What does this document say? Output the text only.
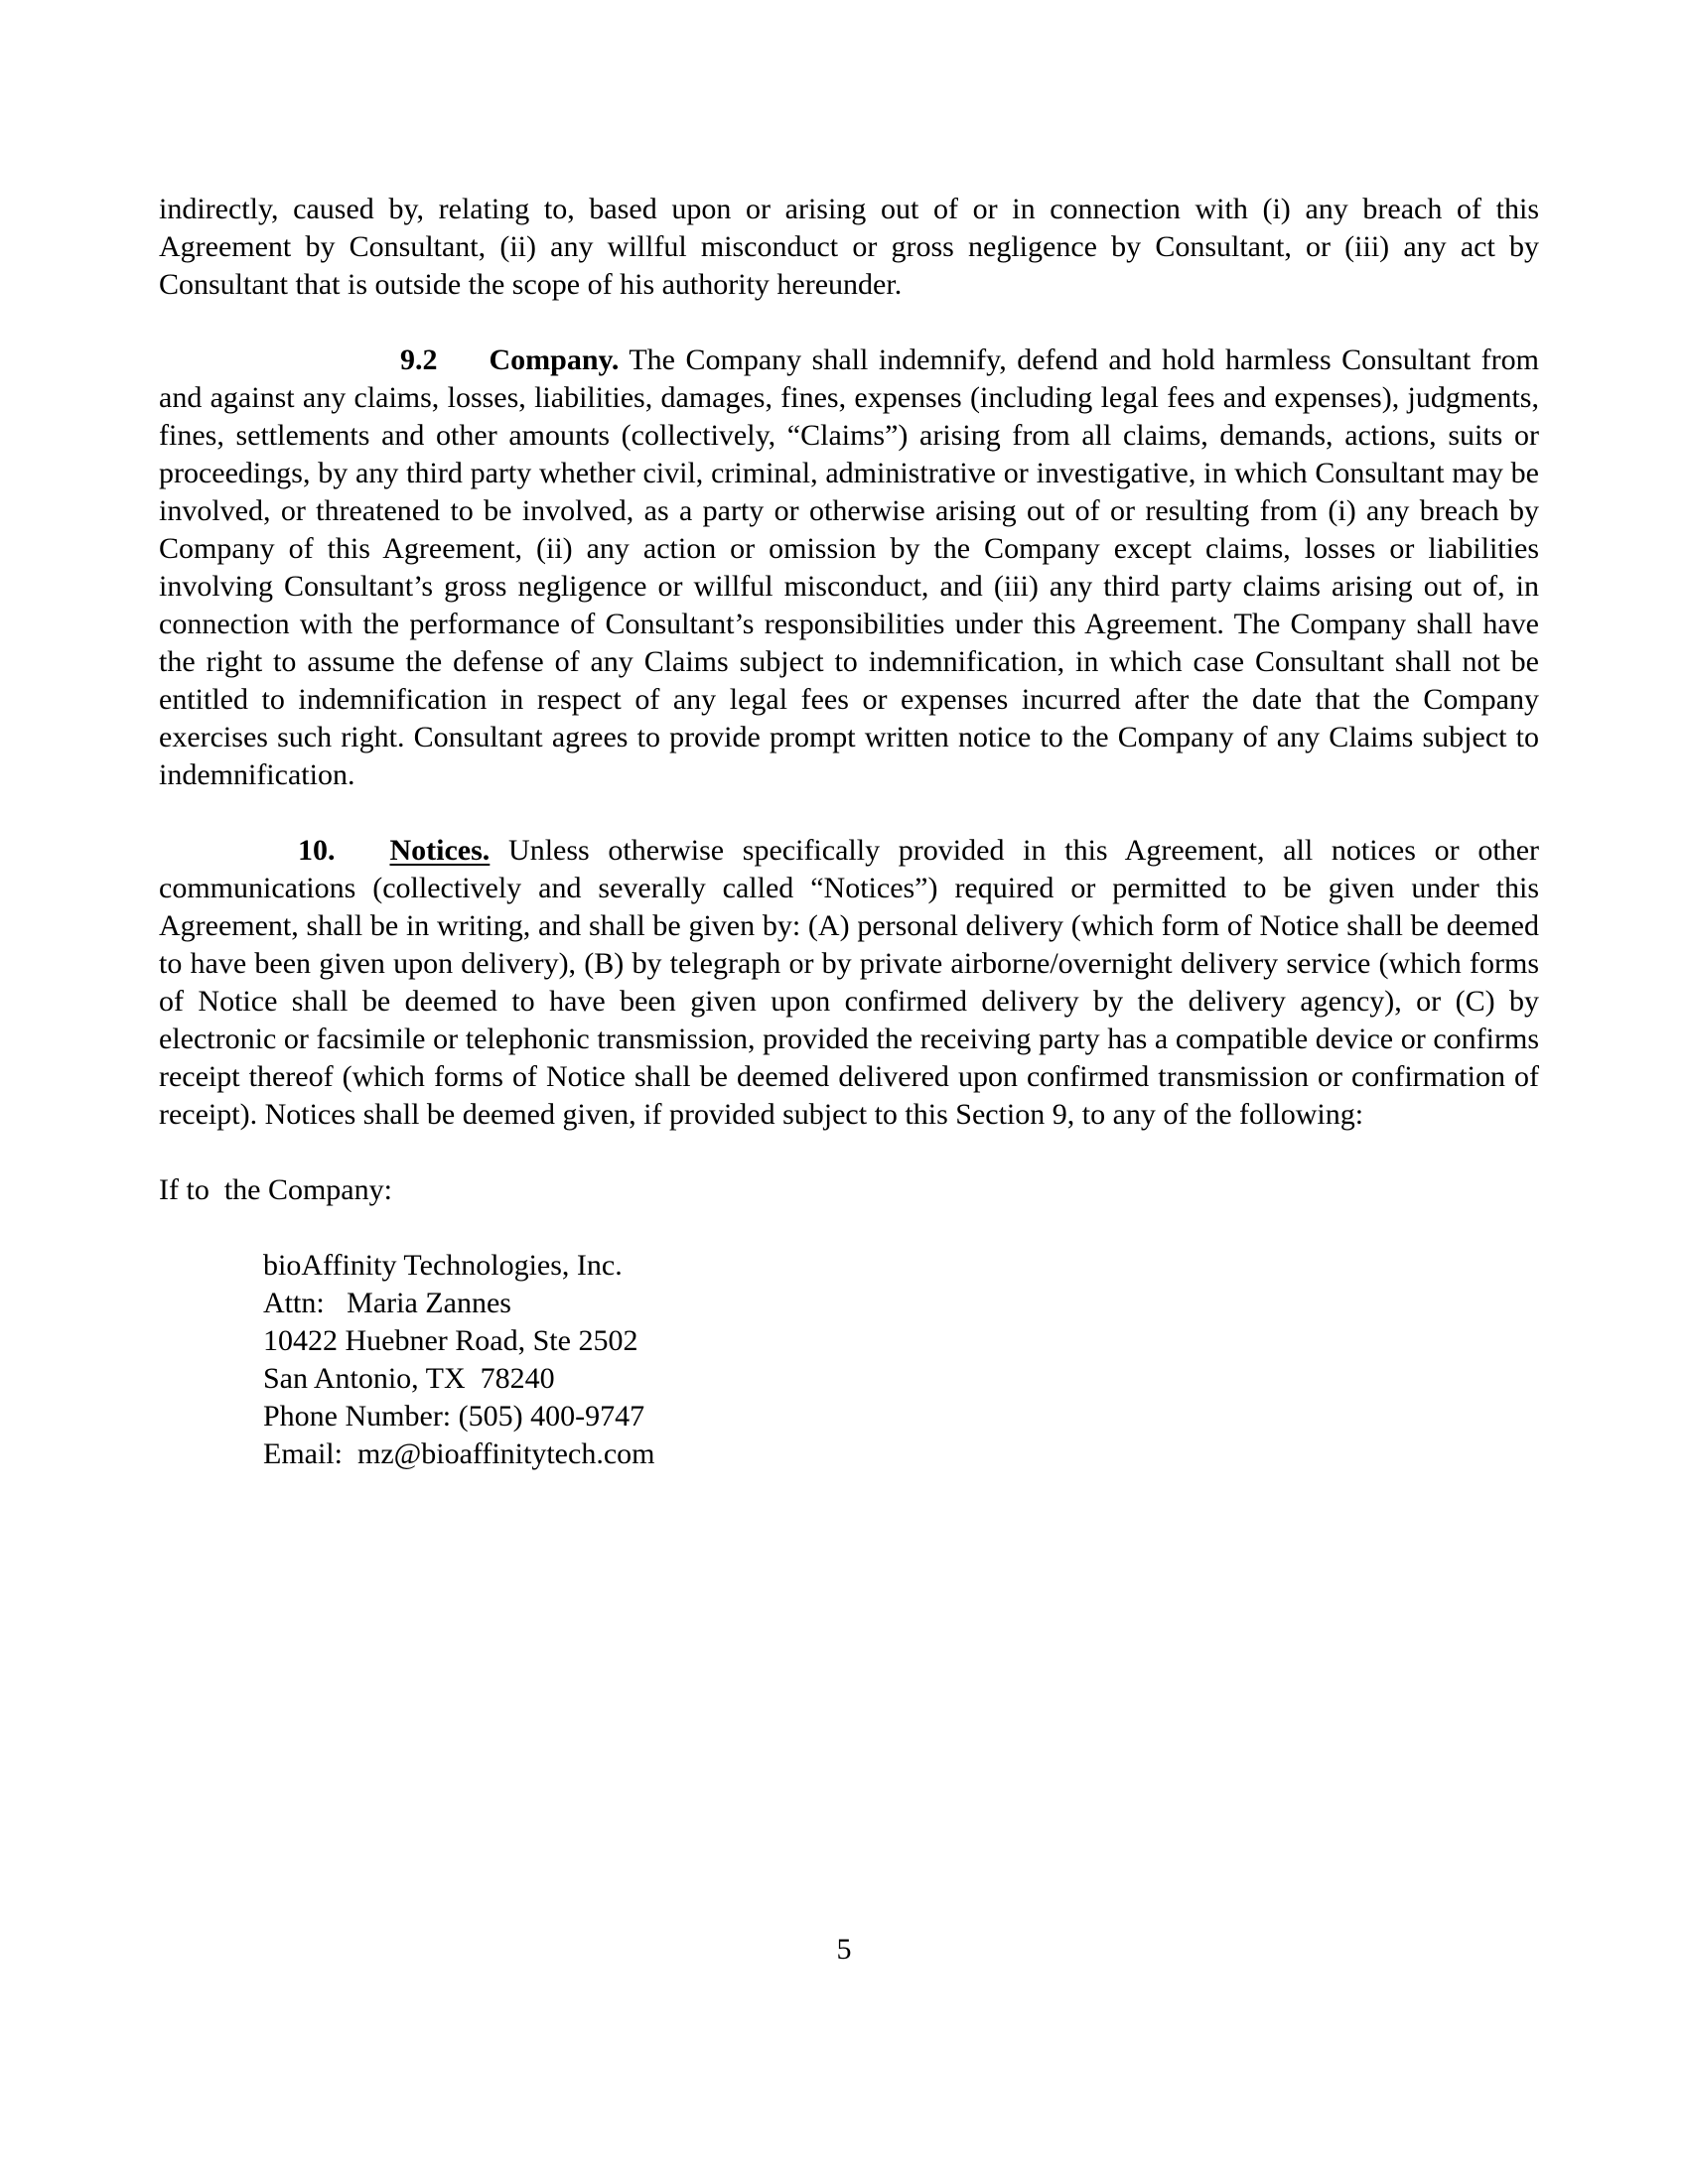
indirectly, caused by, relating to, based upon or arising out of or in connection with (i) any breach of this Agreement by Consultant, (ii) any willful misconduct or gross negligence by Consultant, or (iii) any act by Consultant that is outside the scope of his authority hereunder.

9.2 Company. The Company shall indemnify, defend and hold harmless Consultant from and against any claims, losses, liabilities, damages, fines, expenses (including legal fees and expenses), judgments, fines, settlements and other amounts (collectively, “Claims”) arising from all claims, demands, actions, suits or proceedings, by any third party whether civil, criminal, administrative or investigative, in which Consultant may be involved, or threatened to be involved, as a party or otherwise arising out of or resulting from (i) any breach by Company of this Agreement, (ii) any action or omission by the Company except claims, losses or liabilities involving Consultant’s gross negligence or willful misconduct, and (iii) any third party claims arising out of, in connection with the performance of Consultant’s responsibilities under this Agreement. The Company shall have the right to assume the defense of any Claims subject to indemnification, in which case Consultant shall not be entitled to indemnification in respect of any legal fees or expenses incurred after the date that the Company exercises such right. Consultant agrees to provide prompt written notice to the Company of any Claims subject to indemnification.

10. Notices. Unless otherwise specifically provided in this Agreement, all notices or other communications (collectively and severally called “Notices”) required or permitted to be given under this Agreement, shall be in writing, and shall be given by: (A) personal delivery (which form of Notice shall be deemed to have been given upon delivery), (B) by telegraph or by private airborne/overnight delivery service (which forms of Notice shall be deemed to have been given upon confirmed delivery by the delivery agency), or (C) by electronic or facsimile or telephonic transmission, provided the receiving party has a compatible device or confirms receipt thereof (which forms of Notice shall be deemed delivered upon confirmed transmission or confirmation of receipt). Notices shall be deemed given, if provided subject to this Section 9, to any of the following:

If to  the Company:

bioAffinity Technologies, Inc.
Attn:   Maria Zannes
10422 Huebner Road, Ste 2502
San Antonio, TX  78240
Phone Number: (505) 400-9747
Email:  mz@bioaffinitytech.com
5
